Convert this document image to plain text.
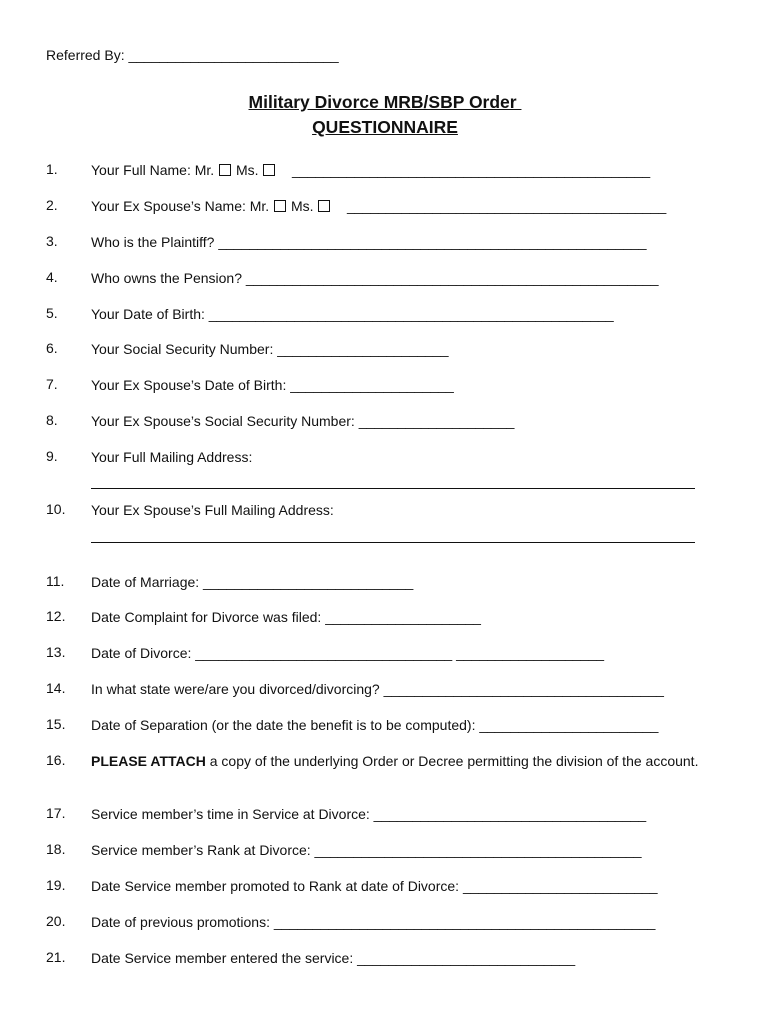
Referred By: ___________________________
Military Divorce MRB/SBP Order
QUESTIONNAIRE
1. Your Full Name: Mr.  Ms.     ______________________________________________
2. Your Ex Spouse’s Name: Mr.  Ms.     _________________________________________
3. Who is the Plaintiff? _______________________________________________________
4. Who owns the Pension? _____________________________________________________
5. Your Date of Birth: ____________________________________________________
6. Your Social Security Number: ______________________
7. Your Ex Spouse’s Date of Birth: _____________________
8. Your Ex Spouse’s Social Security Number: ____________________
9. Your Full Mailing Address:
10. Your Ex Spouse’s Full Mailing Address:
11. Date of Marriage: ___________________________
12. Date Complaint for Divorce was filed: ____________________
13. Date of Divorce: _________________________________ ___________________
14. In what state were/are you divorced/divorcing? ____________________________________
15. Date of Separation (or the date the benefit is to be computed): _______________________
16. PLEASE ATTACH a copy of the underlying Order or Decree permitting the division of the account.
17. Service member’s time in Service at Divorce: ___________________________________
18. Service member’s Rank at Divorce: __________________________________________
19. Date Service member promoted to Rank at date of Divorce: _________________________
20. Date of previous promotions: _________________________________________________
21. Date Service member entered the service: ____________________________
